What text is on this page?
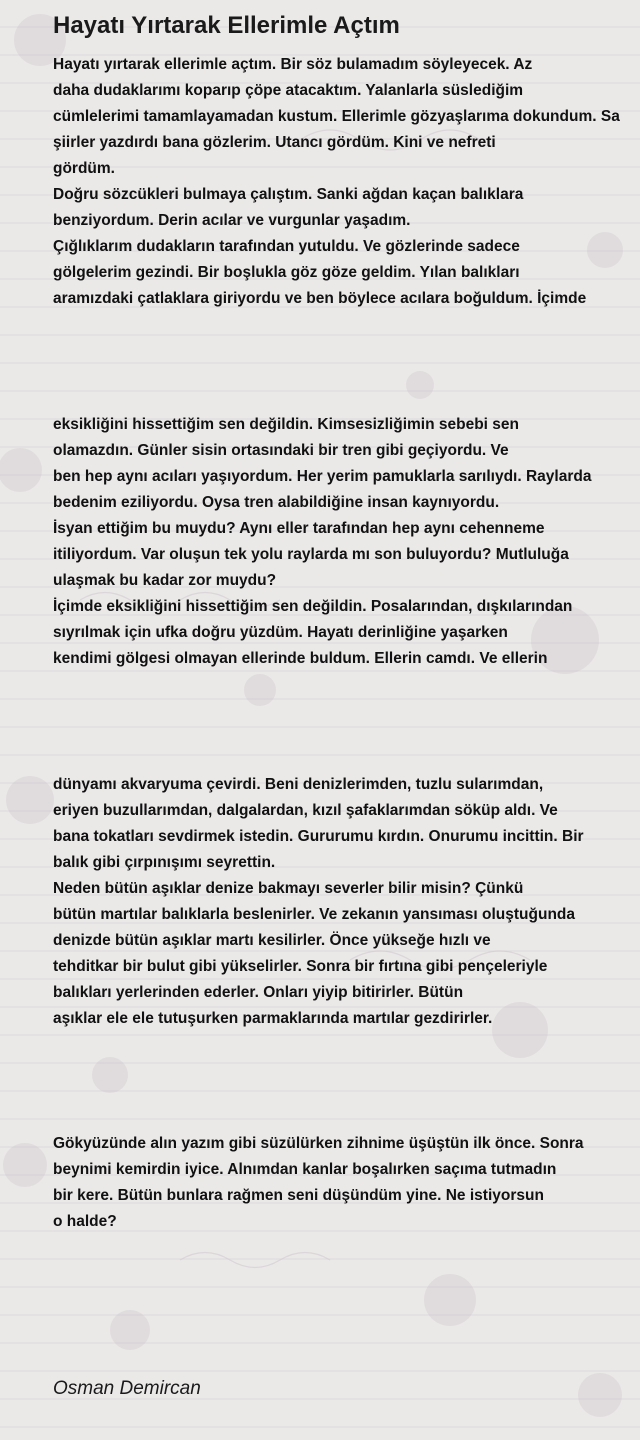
Hayatı Yırtarak Ellerimle Açtım
Hayatı yırtarak ellerimle açtım. Bir söz bulamadım söyleyecek. Az
daha dudaklarımı koparıp çöpe atacaktım. Yalanlarla süslediğim
cümlelerimi tamamlayamadan kustum. Ellerimle gözyaşlarıma dokundum. Sa
şiirler yazdırdı bana gözlerim. Utancı gördüm. Kini ve nefreti
gördüm.
Doğru sözcükleri bulmaya çalıştım. Sanki ağdan kaçan balıklara
benziyordum. Derin acılar ve vurgunlar yaşadım.
Çığlıklarım dudakların tarafından yutuldu. Ve gözlerinde sadece
gölgelerim gezindi. Bir boşlukla göz göze geldim. Yılan balıkları
aramızdaki çatlaklara giriyordu ve ben böylece acılara boğuldum. İçimde
eksikliğini hissettiğim sen değildin. Kimsesizliğimin sebebi sen
olamazdın. Günler sisin ortasındaki bir tren gibi geçiyordu. Ve
ben hep aynı acıları yaşıyordum. Her yerim pamuklarla sarılıydı. Raylarda
bedenim eziliyordu. Oysa tren alabildiğine insan kaynıyordu.
İsyan ettiğim bu muydu? Aynı eller tarafından hep aynı cehenneme
itiliyordum. Var oluşun tek yolu raylarda mı son buluyordu? Mutluluğa
ulaşmak bu kadar zor muydu?
İçimde eksikliğini hissettiğim sen değildin. Posalarından, dışkılarından
sıyrılmak için ufka doğru yüzdüm. Hayatı derinliğine yaşarken
kendimi gölgesi olmayan ellerinde buldum. Ellerin camdı. Ve ellerin
dünyamı akvaryuma çevirdi. Beni denizlerimden, tuzlu sularımdan,
eriyen buzullarımdan, dalgalardan, kızıl şafaklarımdan söküp aldı. Ve
bana tokatları sevdirmek istedin. Gururumu kırdın. Onurumu incittin. Bir
balık gibi çırpınışımı seyrettin.
Neden bütün aşıklar denize bakmayı severler bilir misin? Çünkü
bütün martılar balıklarla beslenirler. Ve zekanın yansıması oluştuğunda
denizde bütün aşıklar martı kesilirler. Önce yükseğe hızlı ve
tehditkar bir bulut gibi yükselirler. Sonra bir fırtına gibi pençeleriyle
balıkları yerlerinden ederler. Onları yiyip bitirirler. Bütün
aşıklar ele ele tutuşurken parmaklarında martılar gezdirirler.
Gökyüzünde alın yazım gibi süzülürken zihnime üşüştün ilk önce. Sonra
beynimi kemirdin iyice. Alnımdan kanlar boşalırken saçıma tutmadın
bir kere. Bütün bunlara rağmen seni düşündüm yine. Ne istiyorsun
o halde?
Osman Demircan
